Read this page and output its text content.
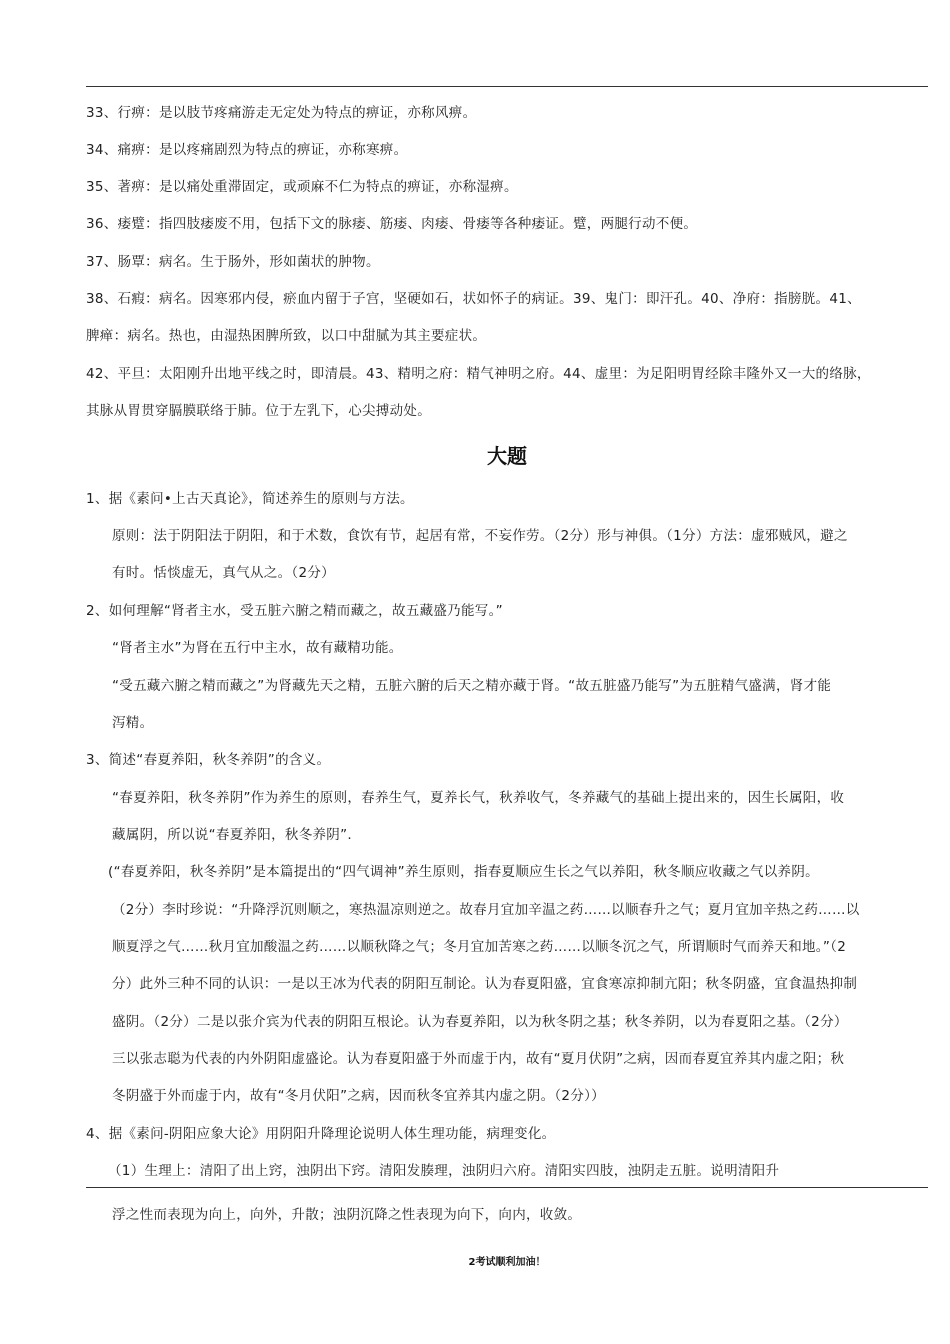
33、行痹：是以肢节疼痛游走无定处为特点的痹证，亦称风痹。
34、痛痹：是以疼痛剧烈为特点的痹证，亦称寒痹。
35、著痹：是以痛处重滞固定，或顽麻不仁为特点的痹证，亦称湿痹。
36、痿躄：指四肢痿废不用，包括下文的脉痿、筋痿、肉痿、骨痿等各种痿证。躄，两腿行动不便。
37、肠覃：病名。生于肠外，形如菌状的肿物。
38、石瘕：病名。因寒邪内侵，瘀血内留于子宫，坚硬如石，状如怀子的病证。39、鬼门：即汗孔。40、净府：指膀胱。41、
脾瘅：病名。热也，由湿热困脾所致，以口中甜腻为其主要症状。
42、平旦：太阳刚升出地平线之时，即清晨。43、精明之府：精气神明之府。44、虚里：为足阳明胃经除丰隆外又一大的络脉，
其脉从胃贯穿膈膜联络于肺。位于左乳下，心尖搏动处。
大题
1、据《素问•上古天真论》，简述养生的原则与方法。
原则：法于阴阳法于阴阳，和于术数，食饮有节，起居有常，不妄作劳。（2分）形与神俱。（1分）方法：虚邪贼风，避之
有时。恬惔虚无，真气从之。（2分）
2、如何理解“肾者主水，受五脏六腑之精而藏之，故五藏盛乃能写。”
“肾者主水”为肾在五行中主水，故有藏精功能。
“受五藏六腑之精而藏之”为肾藏先天之精，五脏六腑的后天之精亦藏于肾。“故五脏盛乃能写”为五脏精气盛满，肾才能
泻精。
3、简述“春夏养阳，秋冬养阴”的含义。
“春夏养阳，秋冬养阴”作为养生的原则，春养生气，夏养长气，秋养收气，冬养藏气的基础上提出来的，因生长属阳，收
藏属阴，所以说“春夏养阳，秋冬养阴”.
(“春夏养阳，秋冬养阴”是本篇提出的“四气调神”养生原则，指春夏顺应生长之气以养阳，秋冬顺应收藏之气以养阴。
（2分）李时珍说：“升降浮沉则顺之，寒热温凉则逆之。故春月宜加辛温之药……以顺春升之气；夏月宜加辛热之药……以
顺夏浮之气……秋月宜加酸温之药……以顺秋降之气；冬月宜加苦寒之药……以顺冬沉之气，所谓顺时气而养天和地。”（2
分）此外三种不同的认识：一是以王冰为代表的阴阳互制论。认为春夏阳盛，宜食寒凉抑制亢阳；秋冬阴盛，宜食温热抑制
盛阴。（2分）二是以张介宾为代表的阴阳互根论。认为春夏养阳，以为秋冬阴之基；秋冬养阴，以为春夏阳之基。（2分）
三以张志聪为代表的内外阴阳虚盛论。认为春夏阳盛于外而虚于内，故有“夏月伏阴”之病，因而春夏宜养其内虚之阳；秋
冬阴盛于外而虚于内，故有“冬月伏阳”之病，因而秋冬宜养其内虚之阴。（2分））
4、据《素问-阴阳应象大论》用阴阳升降理论说明人体生理功能，病理变化。
（1）生理上：清阳了出上窍，浊阴出下窍。清阳发腠理，浊阴归六府。清阳实四肢，浊阴走五脏。说明清阳升
浮之性而表现为向上，向外，升散；浊阴沉降之性表现为向下，向内，收敛。
2考试顺利加油！
